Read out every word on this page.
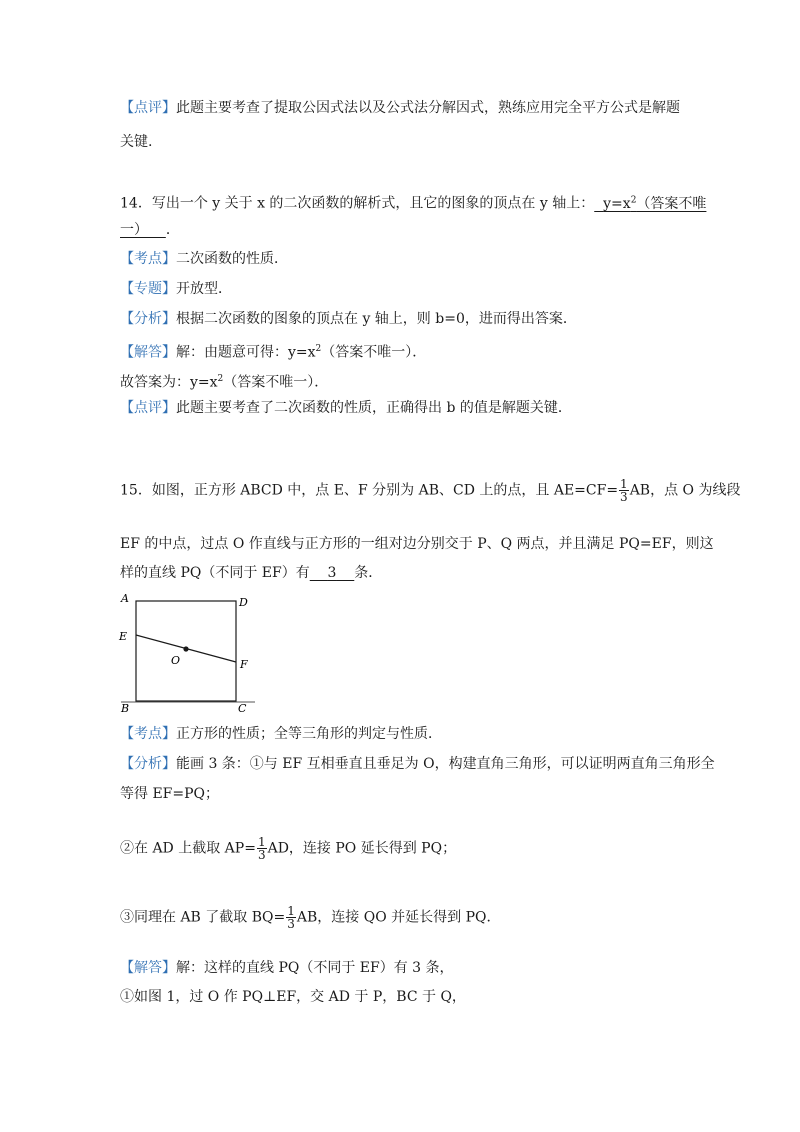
【点评】此题主要考查了提取公因式法以及公式法分解因式，熟练应用完全平方公式是解题
关键.
14．写出一个 y 关于 x 的二次函数的解析式，且它的图象的顶点在 y 轴上： $y=x^2$（答案不唯
一） ．
【考点】二次函数的性质．
【专题】开放型．
【分析】根据二次函数的图象的顶点在 y 轴上，则 b=0，进而得出答案．
【解答】解：由题意可得：$y=x^2$（答案不唯一）．
故答案为：$y=x^2$（答案不唯一）．
【点评】此题主要考查了二次函数的性质，正确得出 b 的值是解题关键．
15．如图，正方形 ABCD 中，点 E、F 分别为 AB、CD 上的点，且 $AE=CF= \frac{1}{3}$ AB，点 O 为线段
EF 的中点，过点 O 作直线与正方形的一组对边分别交于 P、Q 两点，并且满足 PQ=EF，则这
样的直线 PQ（不同于 EF）有 3 条．
A	D
E
O	F
B	C
【考点】正方形的性质；全等三角形的判定与性质．
【分析】能画 3 条：①与 EF 互相垂直且垂足为 O，构建直角三角形，可以证明两直角三角形全
等得 EF=PQ；
②在 AD 上截取 $AP= \frac{1}{3}$ AD，连接 PO 延长得到 PQ；
③同理在 AB 了截取 $BQ= \frac{1}{3}$ AB，连接 QO 并延长得到 PQ．
【解答】解：这样的直线 PQ（不同于 EF）有 3 条，
①如图 1，过 O 作 PQ⊥EF，交 AD 于 P，BC 于 Q，
